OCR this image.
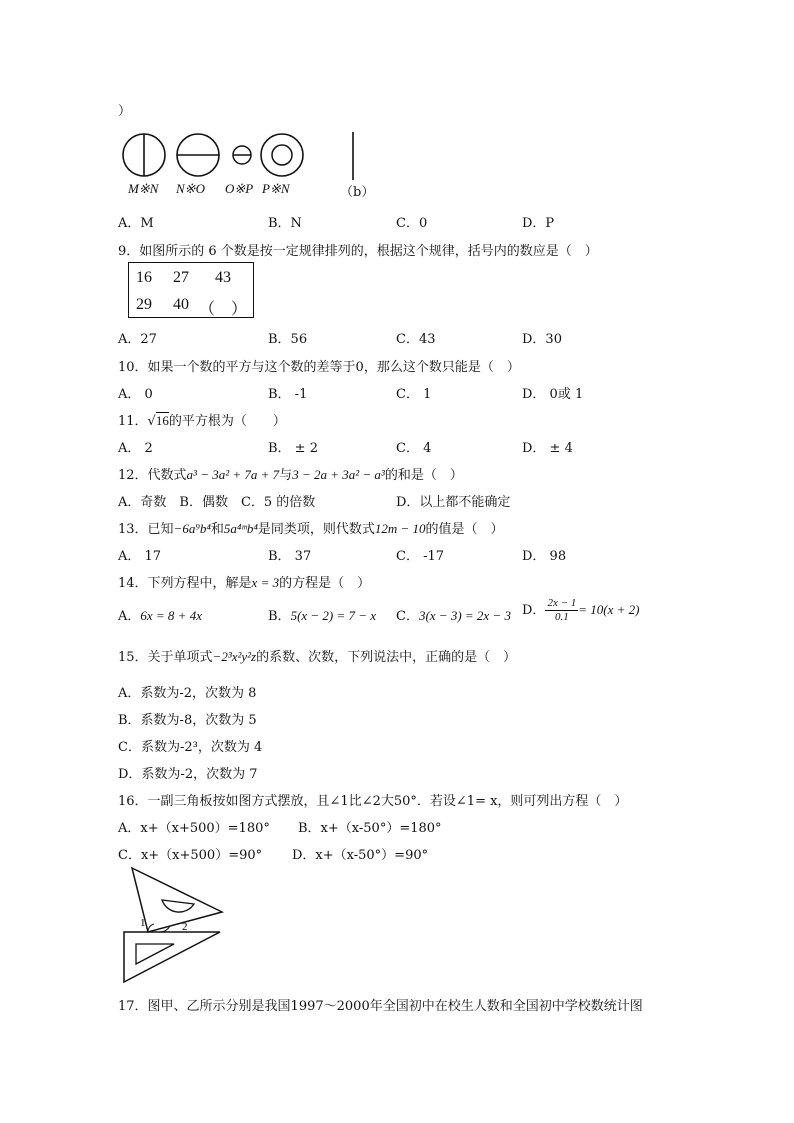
）
M※N N※O O※P P※N	（b）
A．M	B．N	C．0	D．P
9．如图所示的 6 个数是按一定规律排列的，根据这个规律，括号内的数应是（　）
16 27 43
29 40 （　）
A．27	B．56	C．43	D．30
10．如果一个数的平方与这个数的差等于0，那么这个数只能是（　）
A． 0	B． -1	C． 1	D． 0或 1
11．√16的平方根为（　　）
A． 2	B． ± 2	C． 4	D． ± 4
12．代数式a³ − 3a² + 7a + 7与3 − 2a + 3a² − a³的和是（　）
A．奇数　B．偶数　C．5 的倍数	D．以上都不能确定
13．已知−6a⁹b⁴和5a⁴ᵐb⁴是同类项，则代数式12m − 10的值是（　）
A． 17	B． 37	C． -17	D． 98
14．下列方程中，解是x = 3的方程是（　）
A．6x = 8 + 4x	B．5(x − 2) = 7 − x C．3(x − 3) = 2x − 3 D． $\frac{2x - 1}{0.1} = 10(x + 2)$
15．关于单项式−2³x²y²z的系数、次数，下列说法中，正确的是（　）
A．系数为-2，次数为 8
B．系数为-8，次数为 5
C．系数为-2³，次数为 4
D．系数为-2，次数为 7
16．一副三角板按如图方式摆放，且∠1比∠2大50°．若设∠1= x，则可列出方程（　）
A．x+（x+500）=180° B．x+（x-50°）=180°
C．x+（x+500）=90° D．x+（x-50°）=90°
1	2
17．图甲、乙所示分别是我国1997～2000年全国初中在校生人数和全国初中学校数统计图
